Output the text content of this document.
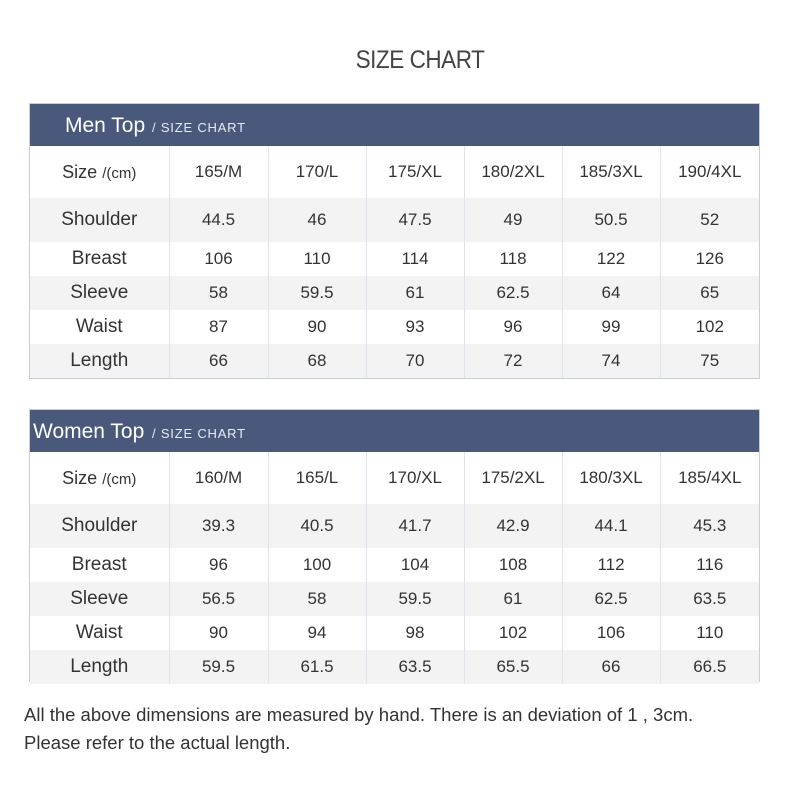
SIZE CHART
Men Top / SIZE CHART
Size /(cm)	165/M	170/L	175/XL	180/2XL	185/3XL	190/4XL
Shoulder	44.5	46	47.5	49	50.5	52
Breast	106	110	114	118	122	126
Sleeve	58	59.5	61	62.5	64	65
Waist	87	90	93	96	99	102
Length	66	68	70	72	74	75
Women Top / SIZE CHART
Size /(cm)	160/M	165/L	170/XL	175/2XL	180/3XL	185/4XL
Shoulder	39.3	40.5	41.7	42.9	44.1	45.3
Breast	96	100	104	108	112	116
Sleeve	56.5	58	59.5	61	62.5	63.5
Waist	90	94	98	102	106	110
Length	59.5	61.5	63.5	65.5	66	66.5
All the above dimensions are measured by hand. There is an deviation of 1 , 3cm.
Please refer to the actual length.
